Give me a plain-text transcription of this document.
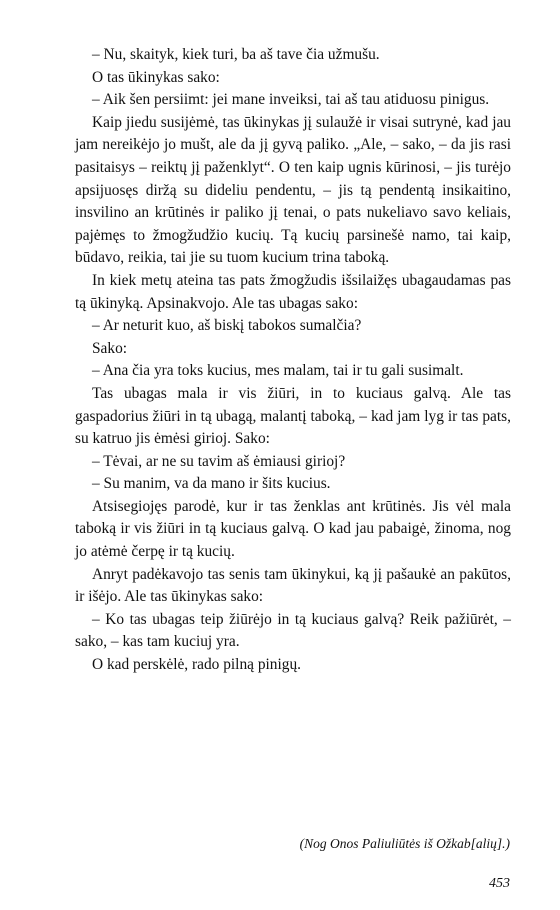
– Nu, skaityk, kiek turi, ba aš tave čia užmušu.

O tas ūkinykas sako:

– Aik šen persiimt: jei mane inveiksi, tai aš tau atiduosu pinigus.

Kaip jiedu susijėmė, tas ūkinykas jį sulaužė ir visai sutrynė, kad jau jam nereikėjo jo mušt, ale da jį gyvą paliko. „Ale, – sako, – da jis rasi pasitaisys – reiktų jį paženklyt“. O ten kaip ugnis kūrinosi, – jis turėjo apsijuosęs diržą su dideliu pendentu, – jis tą pendentą insikaitino, insvilino an krūtinės ir paliko jį tenai, o pats nukeliavo savo keliais, pajėmęs to žmogžudžio kucių. Tą kucių parsinešė namo, tai kaip, būdavo, reikia, tai jie su tuom kucium trina taboką.

In kiek metų ateina tas pats žmogžudis išsilaižęs ubagaudamas pas tą ūkinyką. Apsinakvojo. Ale tas ubagas sako:

– Ar neturit kuo, aš biskį tabokos sumalčia?

Sako:

– Ana čia yra toks kucius, mes malam, tai ir tu gali susimalt.

Tas ubagas mala ir vis žiūri, in to kuciaus galvą. Ale tas gaspadorius žiūri in tą ubagą, malantį taboką, – kad jam lyg ir tas pats, su katruo jis ėmėsi girioj. Sako:

– Tėvai, ar ne su tavim aš ėmiausi girioj?

– Su manim, va da mano ir šits kucius.

Atsisegiojęs parodė, kur ir tas ženklas ant krūtinės. Jis vėl mala taboką ir vis žiūri in tą kuciaus galvą. O kad jau pabaigė, žinoma, nog jo atėmė čerpę ir tą kucių.

Anryt padėkavojo tas senis tam ūkinykui, ką jį pašaukė an pakūtos, ir išėjo. Ale tas ūkinykas sako:

– Ko tas ubagas teip žiūrėjo in tą kuciaus galvą? Reik pažiūrėt, – sako, – kas tam kuciuj yra.

O kad perskėlė, rado pilną pinigų.

(Nog Onos Paliuliūtės iš Ožkab[alių].)
453
